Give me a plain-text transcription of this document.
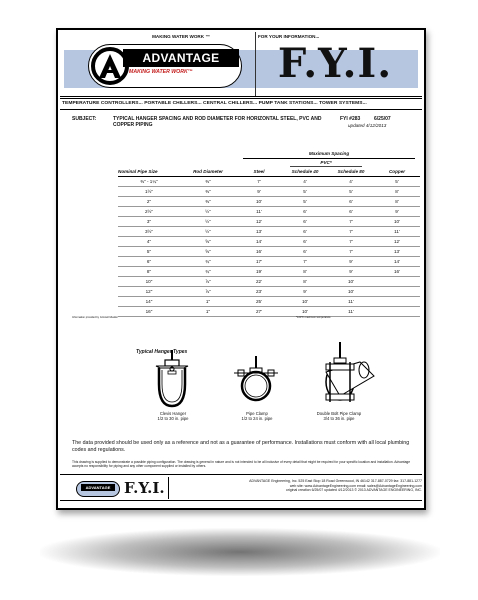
MAKING WATER WORK ™	FOR YOUR INFORMATION...
ADVANTAGE
MAKING WATER WORK™	F.Y.I.
TEMPERATURE CONTROLLERS... PORTABLE CHILLERS... CENTRAL CHILLERS... PUMP TANK STATIONS... TOWER SYSTEMS...
SUBJECT:	TYPICAL HANGER SPACING AND ROD DIAMETER FOR HORIZONTAL STEEL, PVC AND COPPER PIPING
FYI #283	6/25/07
updated 4/12/2013
Maximum Spacing
PVC*
Nominal Pipe Size	Rod Diameter	Steel	Schedule 40	Schedule 80	Copper
⅜" - 1¼"	⅜"	7'	4'	4'	5'
1½"	⅜"	9'	5'	5'	8'
2"	⅜"	10'	5'	6'	8'
2½"	½"	11'	6'	6'	9'
3"	½"	12'	6'	7'	10'
3½"	½"	13'	6'	7'	11'
4"	⅝"	14'	6'	7'	12'
5"	⅝"	16'	6'	7'	13'
6"	¾"	17'	7'	9'	14'
8"	¾"	19'	8'	9'	16'
10"	⅞"	22'	8'	10'	
12"	⅞"	23'	9'	10'	
14"	1"	25'	10'	11'	
16"	1"	27'	10'	11'	
Information provided by Grinnell Mueller	*100°F maximum temperature
Typical Hanger Types
Clevis Hanger
1/2 to 30 in. pipe
Pipe Clamp
1/2 to 24 in. pipe
Double Bolt Pipe Clamp
3/4 to 36 in. pipe
The data provided should be used only as a reference and not as a guarantee of performance. Installations must conform with all local plumbing codes and regulations.
This drawing is supplied to demonstrate a possible piping configuration. The drawing is general in nature and is not intended to be all inclusive of every detail that might be required for your specific location and installation. Advantage accepts no responsibility for piping and any other component supplied or installed by others.
ADVANTAGE F.Y.I.	ADVANTAGE Engineering, Inc. 525 East Stop 18 Road Greenwood, IN 46142 317-887-0729 fax: 317-881-1277
web site: www.AdvantageEngineering.com email: sales@AdvantageEngineering.com
original creation 6/25/07 updated 4/12/2013 © 2013 ADVANTAGE ENGINEERING, INC.
